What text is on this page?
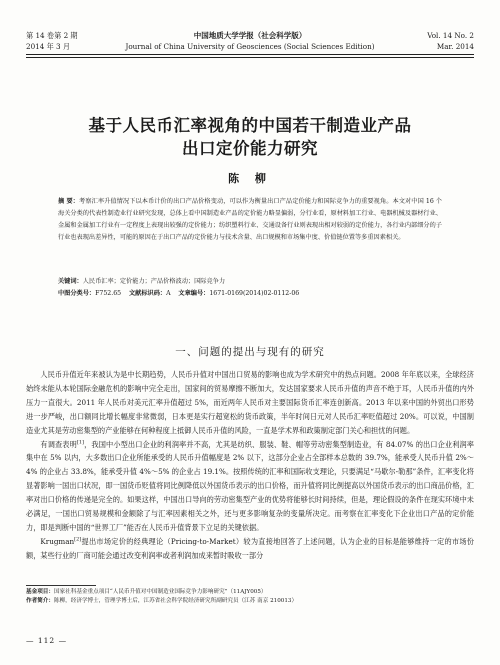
第 14 卷第 2 期	中国地质大学学报（社会科学版）	Vol. 14 No. 2
2014 年 3 月	Journal of China University of Geosciences (Social Sciences Edition)	Mar. 2014
基于人民币汇率视角的中国若干制造业产品
出口定价能力研究
陈 柳
摘 要：考察汇率升值情况下以本币计价的出口产品价格变动，可以作为衡量出口产品定价能力和国际竞争力的重要视角。本文对中国 16 个海关分类的代表性制造业行业研究发现，总体上看中国制造业产品的定价能力略显偏弱，分行业看，原材料加工行业、电器机械及器材行业、金属和金属加工行业有一定程度上表现出较强的定价能力；纺织塑料行业、交通设备行业则表现出相对较弱的定价能力，各行业内部细分的子行业也表现出差异性，可能的原因在于出口产品的定价能力与技术含量、出口规模和市场集中度、价值链位置等多重因素相关。
关键词：人民币汇率；定价能力；产品价格波动；国际竞争力
中图分类号：F752.65 文献标识码：A 文章编号：1671-0169(2014)02-0112-06
一、问题的提出与现有的研究

人民币升值近年来被认为是中长期趋势，人民币升值对中国出口贸易的影响也成为学术研究中的热点问题。2008 年年底以来，全球经济始终未能从本轮国际金融危机的影响中完全走出，国家间的贸易摩擦不断加大，发达国家要求人民币升值的声音不绝于耳，人民币升值的内外压力一直很大。2011 年人民币对美元汇率升值超过 5%，而近两年人民币对主要国际货币汇率连创新高。2013 年以来中国的外贸出口形势进一步严峻，出口额同比增长幅度非常微弱，日本更是实行超宽松的货币政策，半年时间日元对人民币汇率贬值超过 20%。可以说，中国制造业尤其是劳动密集型的产业能够在何种程度上抵御人民币升值的风险，一直是学术界和政策制定部门关心和担忧的问题。

有调查表明[1]，我国中小型出口企业的利润率并不高，尤其是纺织、服装、鞋、帽等劳动密集型制造业，有 84.07% 的出口企业利润率集中在 5% 以内，大多数出口企业所能承受的人民币升值幅度是 2% 以下，这部分企业占全部样本总数的 39.7%，能承受人民币升值 2%～4% 的企业占 33.8%，能承受升值 4%～5% 的企业占 19.1%。按照传统的汇率和国际收支理论，只要满足“马歇尔-勒那”条件，汇率变化将显著影响一国出口状况，即一国货币贬值将同比例降低以外国货币表示的出口价格，而升值将同比例提高以外国货币表示的出口商品价格，汇率对出口价格的传递是完全的。如果这样，中国出口导向的劳动密集型产业的优势将能够长时间持续，但是，理论假设的条件在现实环境中未必满足，一国出口贸易规模和金额除了与汇率因素相关之外，还与更多影响复杂的变量所决定。而考察在汇率变化下企业出口产品的定价能力，即是判断中国的“世界工厂”能否在人民币升值背景下立足的关键依据。

Krugman[2]提出市场定价的经典理论（Pricing-to-Market）较为直接地回答了上述问题，认为企业的目标是能够维持一定的市场份额，某些行业的厂商可能会通过改变利润率或者利润加成来暂时吸收一部分

基金项目：国家社科基金重点项目“人民币升值对中国制造业国际竞争力影响研究”（11AJY005）
作者简介：陈柳，经济学博士，管理学博士后，江苏省社会科学院经济研究所副研究员（江苏 南京 210013）
— 112 —
